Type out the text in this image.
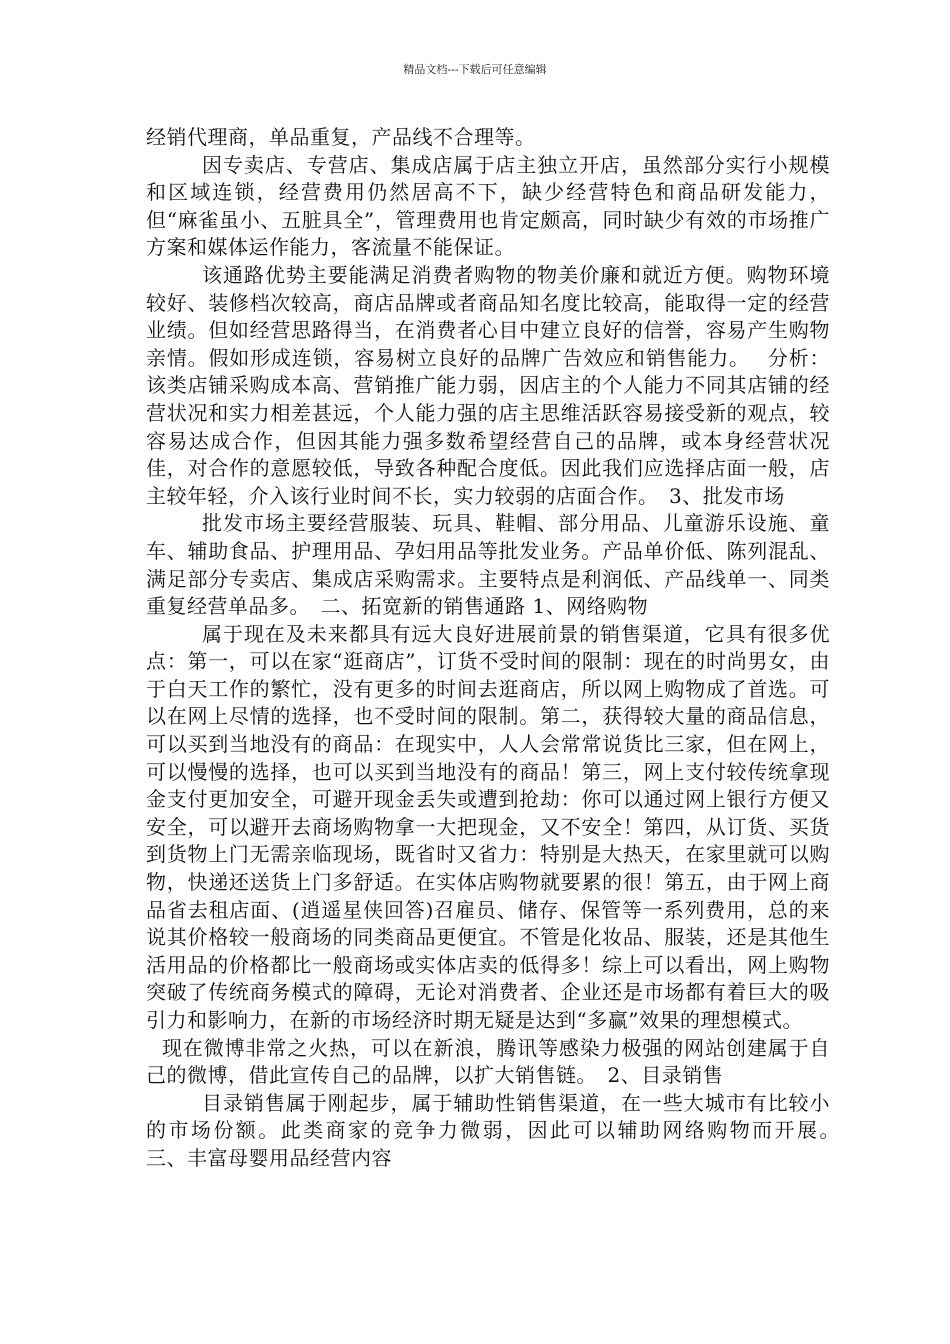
精品文档---下载后可任意编辑

经销代理商，单品重复，产品线不合理等。

因专卖店、专营店、集成店属于店主独立开店，虽然部分实行小规模和区域连锁，经营费用仍然居高不下，缺少经营特色和商品研发能力，但“麻雀虽小、五脏具全”，管理费用也肯定颇高，同时缺少有效的市场推广方案和媒体运作能力，客流量不能保证。

该通路优势主要能满足消费者购物的物美价廉和就近方便。购物环境较好、装修档次较高，商店品牌或者商品知名度比较高，能取得一定的经营业绩。但如经营思路得当，在消费者心目中建立良好的信誉，容易产生购物亲情。假如形成连锁，容易树立良好的品牌广告效应和销售能力。　 分析：该类店铺采购成本高、营销推广能力弱，因店主的个人能力不同其店铺的经营状况和实力相差甚远，个人能力强的店主思维活跃容易接受新的观点，较容易达成合作，但因其能力强多数希望经营自己的品牌，或本身经营状况佳，对合作的意愿较低，导致各种配合度低。因此我们应选择店面一般，店主较年轻，介入该行业时间不长，实力较弱的店面合作。　3、批发市场

批发市场主要经营服装、玩具、鞋帽、部分用品、儿童游乐设施、童车、辅助食品、护理用品、孕妇用品等批发业务。产品单价低、陈列混乱、满足部分专卖店、集成店采购需求。主要特点是利润低、产品线单一、同类重复经营单品多。　二、拓宽新的销售通路 1、网络购物

属于现在及未来都具有远大良好进展前景的销售渠道，它具有很多优点：第一，可以在家“逛商店”，订货不受时间的限制：现在的时尚男女，由于白天工作的繁忙，没有更多的时间去逛商店，所以网上购物成了首选。可以在网上尽情的选择，也不受时间的限制。第二，获得较大量的商品信息，可以买到当地没有的商品：在现实中，人人会常常说货比三家，但在网上，可以慢慢的选择，也可以买到当地没有的商品！第三，网上支付较传统拿现金支付更加安全，可避开现金丢失或遭到抢劫：你可以通过网上银行方便又安全，可以避开去商场购物拿一大把现金，又不安全！第四，从订货、买货到货物上门无需亲临现场，既省时又省力：特别是大热天，在家里就可以购物，快递还送货上门多舒适。在实体店购物就要累的很！第五，由于网上商品省去租店面、(逍遥星侠回答)召雇员、储存、保管等一系列费用，总的来说其价格较一般商场的同类商品更便宜。不管是化妆品、服装，还是其他生活用品的价格都比一般商场或实体店卖的低得多！综上可以看出，网上购物突破了传统商务模式的障碍，无论对消费者、企业还是市场都有着巨大的吸引力和影响力，在新的市场经济时期无疑是达到“多赢”效果的理想模式。

现在微博非常之火热，可以在新浪，腾讯等感染力极强的网站创建属于自己的微博，借此宣传自己的品牌，以扩大销售链。　2、目录销售

目录销售属于刚起步，属于辅助性销售渠道，在一些大城市有比较小的市场份额。此类商家的竞争力微弱，因此可以辅助网络购物而开展。　三、丰富母婴用品经营内容
